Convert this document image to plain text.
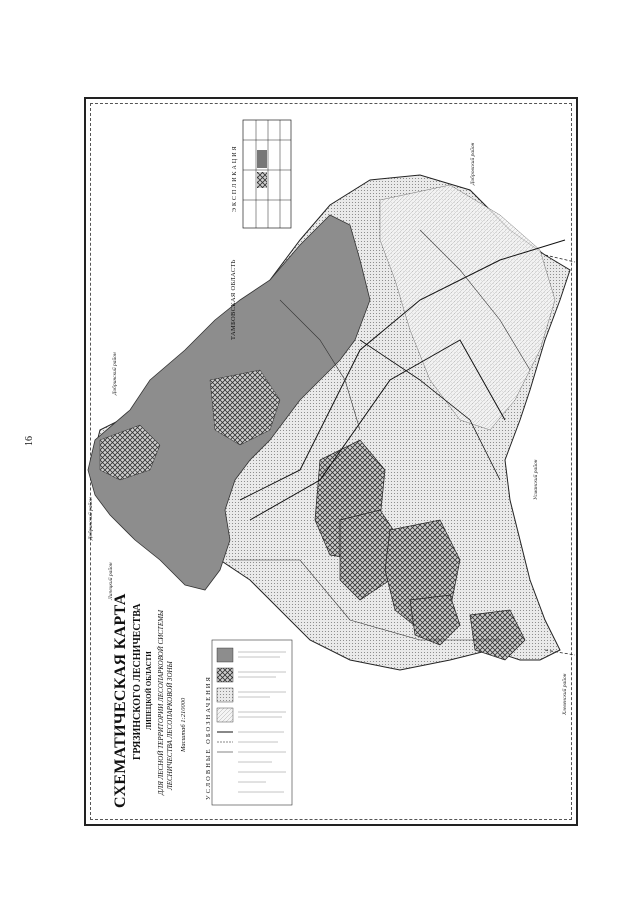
16
СХЕМАТИЧЕСКАЯ КАРТА ГРЯЗИНСКОГО ЛЕСНИЧЕСТВА ЛИПЕЦКОЙ ОБЛАСТИ ДЛЯ ЛЕСНОЙ ТЕРРИТОРИИ ЛЕСОПАРКОВОЙ СИСТЕМЫ ЛЕСНИЧЕСТВА ЛЕСОПАРКОВОЙ ЗОНЫ Масштаб 1:210000	УСЛОВНЫЕ ОБОЗНАЧЕНИЯ
ЭКСПЛИКАЦИЯ
ТАМБОВСКАЯ ОБЛАСТЬ
Добринский район
Добринский район
Добровский район
Липецкий район
Усманский район
Хлевенский район
